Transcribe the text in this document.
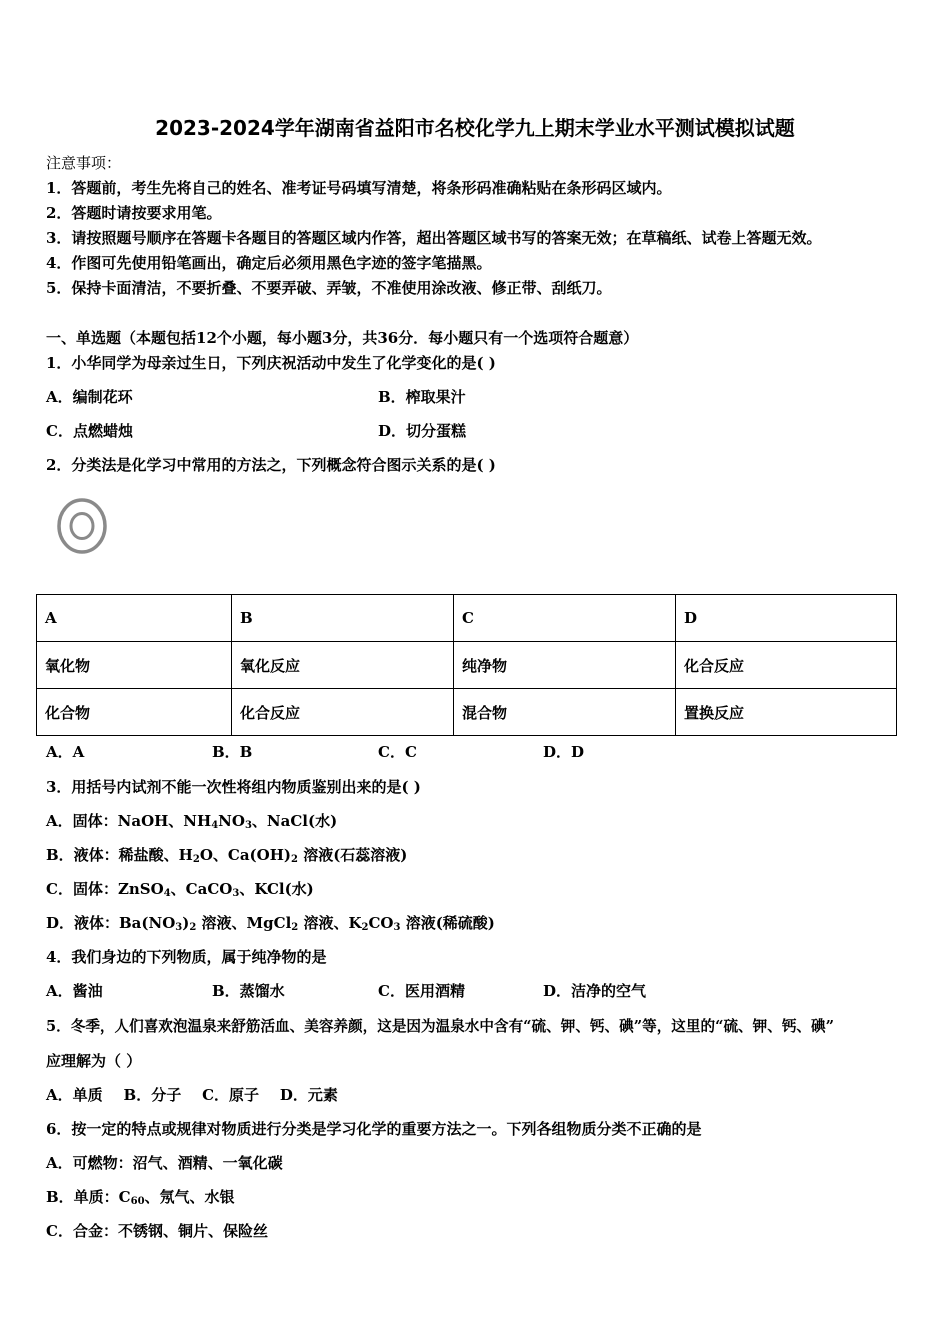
2023-2024学年湖南省益阳市名校化学九上期末学业水平测试模拟试题
注意事项：
1．答题前，考生先将自己的姓名、准考证号码填写清楚，将条形码准确粘贴在条形码区域内。
2．答题时请按要求用笔。
3．请按照题号顺序在答题卡各题目的答题区域内作答，超出答题区域书写的答案无效；在草稿纸、试卷上答题无效。
4．作图可先使用铅笔画出，确定后必须用黑色字迹的签字笔描黑。
5．保持卡面清洁，不要折叠、不要弄破、弄皱，不准使用涂改液、修正带、刮纸刀。
一、单选题（本题包括12个小题，每小题3分，共36分．每小题只有一个选项符合题意）
1．小华同学为母亲过生日，下列庆祝活动中发生了化学变化的是( )
A．编制花环	B．榨取果汁
C．点燃蜡烛	D．切分蛋糕
2．分类法是化学习中常用的方法之，下列概念符合图示关系的是( )
A	B	C	D
氧化物	氧化反应	纯净物	化合反应
化合物	化合反应	混合物	置换反应
A．A	B．B	C．C	D．D
3．用括号内试剂不能一次性将组内物质鉴别出来的是( )
A．固体：NaOH、$NH_4NO_3$、NaCl(水)
B．液体：稀盐酸、$H_2O$、$Ca(OH)_2$ 溶液(石蕊溶液)
C．固体：ZnSO$_4$、CaCO$_3$、KCl(水)
D．液体：$Ba(NO_3)_2$ 溶液、MgCl$_2$ 溶液、$K_2CO_3$ 溶液(稀硫酸)
4．我们身边的下列物质，属于纯净物的是
A．酱油	B．蒸馏水	C．医用酒精	D．洁净的空气
5．冬季，人们喜欢泡温泉来舒筋活血、美容养颜，这是因为温泉水中含有“硫、钾、钙、碘”等，这里的“硫、钾、钙、碘”
应理解为（ ）
A．单质    B．分子    C．原子    D．元素
6．按一定的特点或规律对物质进行分类是学习化学的重要方法之一。下列各组物质分类不正确的是
A．可燃物：沼气、酒精、一氧化碳
B．单质：$C_{60}$、氖气、水银
C．合金：不锈钢、铜片、保险丝
